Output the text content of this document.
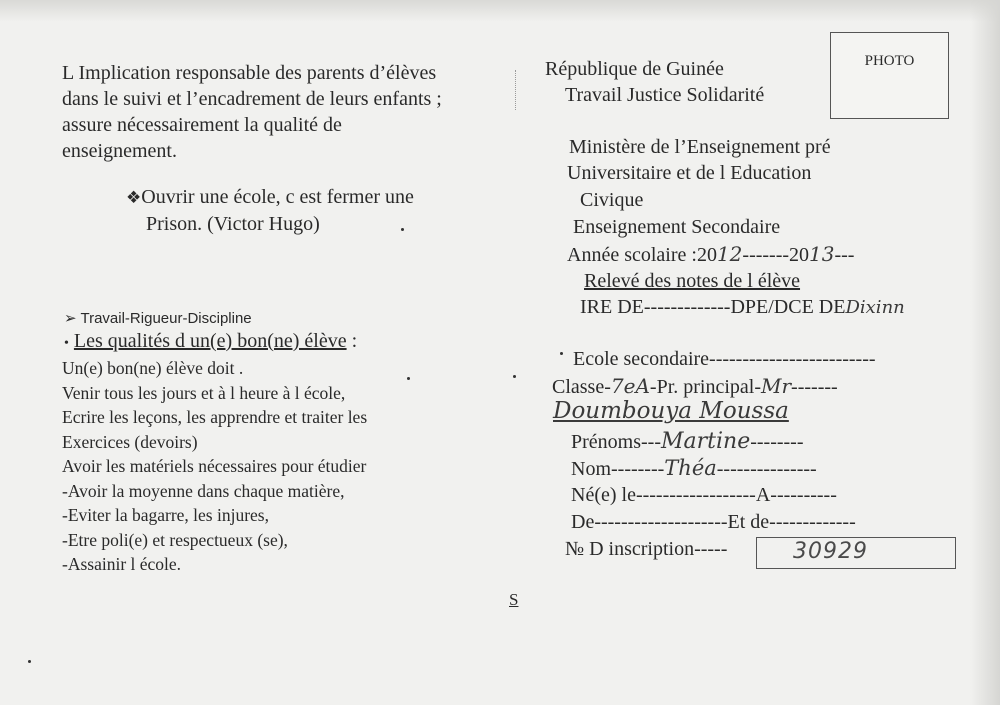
L Implication responsable des parents d’élèves
dans le suivi et l’encadrement de leurs enfants ;
assure nécessairement la qualité de
enseignement.
❖Ouvrir une école, c est fermer une
Prison. (Victor Hugo)
➢ Travail-Rigueur-Discipline
• Les qualités d un(e) bon(ne) élève :
Un(e) bon(ne) élève doit .
Venir tous les jours et à l heure à l école,
Ecrire les leçons, les apprendre et traiter les
Exercices (devoirs)
Avoir les matériels nécessaires pour étudier
-Avoir la moyenne dans chaque matière,
-Eviter la bagarre, les injures,
-Etre poli(e) et respectueux (se),
-Assainir l école.
S
République de Guinée
Travail Justice Solidarité
PHOTO
Ministère de l’Enseignement pré
Universitaire et de l Education
Civique
Enseignement Secondaire
Année scolaire :2012-------2013---
Relevé des notes de l élève
IRE DE-------------DPE/DCE DEDixinn
Ecole secondaire-------------------------
Classe-7eA-Pr. principal-Mr-------
Doumbouya Moussa
Prénoms---Martine--------
Nom--------Théa---------------
Né(e) le------------------A----------
De--------------------Et de-------------
№ D inscription-----	30929
